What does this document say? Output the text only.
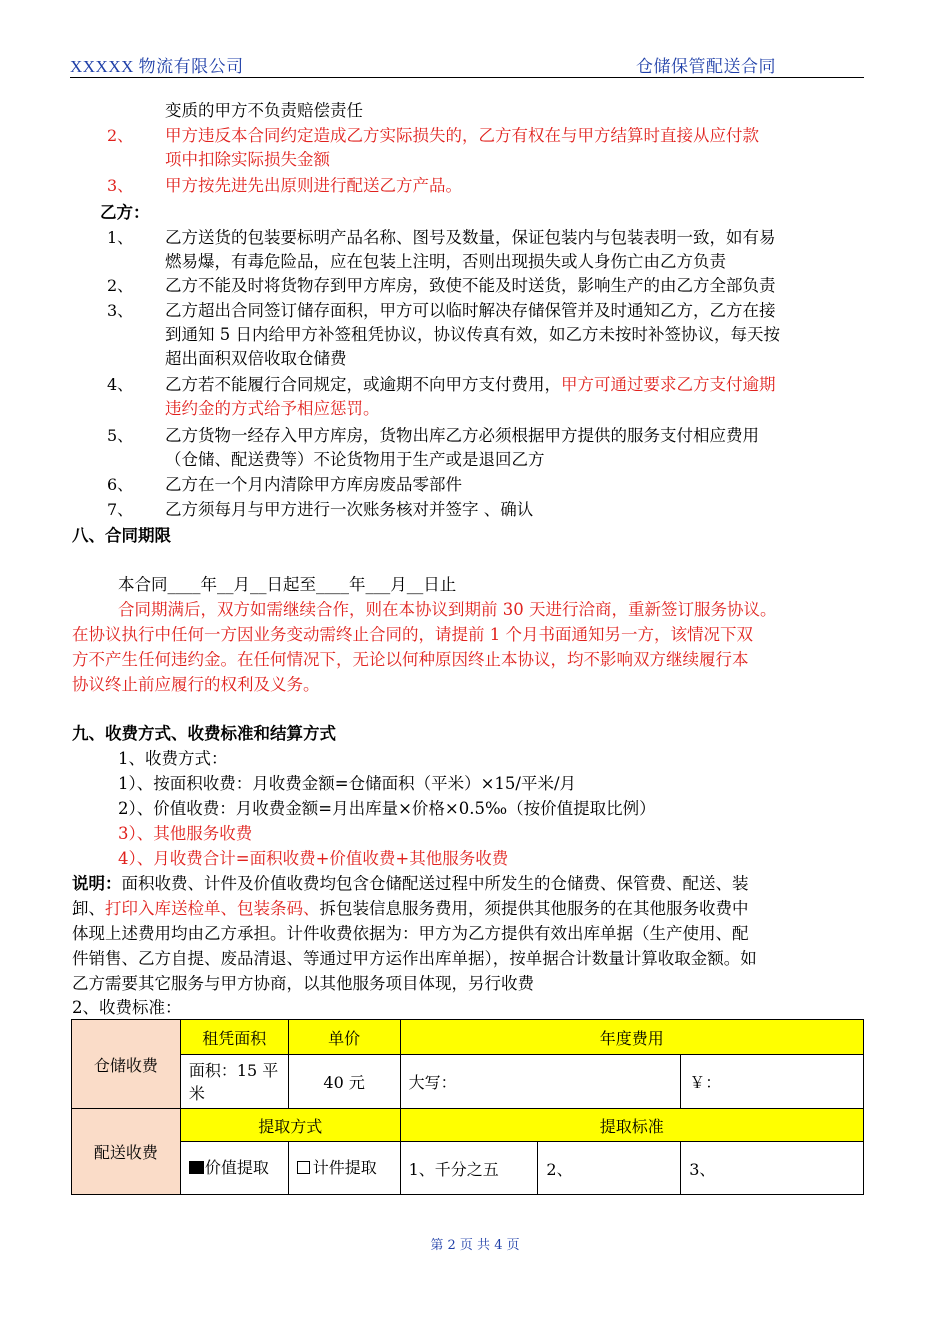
XXXXX 物流有限公司	仓储保管配送合同
变质的甲方不负责赔偿责任
2、 甲方违反本合同约定造成乙方实际损失的，乙方有权在与甲方结算时直接从应付款
项中扣除实际损失金额
3、 甲方按先进先出原则进行配送乙方产品。
乙方：
1、 乙方送货的包装要标明产品名称、图号及数量，保证包装内与包装表明一致，如有易
燃易爆，有毒危险品，应在包装上注明，否则出现损失或人身伤亡由乙方负责
2、 乙方不能及时将货物存到甲方库房，致使不能及时送货，影响生产的由乙方全部负责
3、 乙方超出合同签订储存面积，甲方可以临时解决存储保管并及时通知乙方，乙方在接
到通知 5 日内给甲方补签租凭协议，协议传真有效，如乙方未按时补签协议，每天按
超出面积双倍收取仓储费
4、 乙方若不能履行合同规定，或逾期不向甲方支付费用，甲方可通过要求乙方支付逾期
违约金的方式给予相应惩罚。
5、 乙方货物一经存入甲方库房，货物出库乙方必须根据甲方提供的服务支付相应费用
（仓储、配送费等）不论货物用于生产或是退回乙方
6、 乙方在一个月内清除甲方库房废品零部件
7、 乙方须每月与甲方进行一次账务核对并签字 、确认
八、合同期限
本合同____年__月__日起至____年___月__日止
合同期满后，双方如需继续合作，则在本协议到期前 30 天进行洽商，重新签订服务协议。
在协议执行中任何一方因业务变动需终止合同的，请提前 1 个月书面通知另一方，该情况下双
方不产生任何违约金。在任何情况下，无论以何种原因终止本协议，均不影响双方继续履行本
协议终止前应履行的权利及义务。
九、收费方式、收费标准和结算方式
1、收费方式：
1）、按面积收费：月收费金额=仓储面积（平米）×15/平米/月
2）、价值收费：月收费金额=月出库量×价格×0.5‰（按价值提取比例）
3）、其他服务收费
4）、月收费合计=面积收费+价值收费+其他服务收费
说明：面积收费、计件及价值收费均包含仓储配送过程中所发生的仓储费、保管费、配送、装
卸、打印入库送检单、包装条码、拆包装信息服务费用，须提供其他服务的在其他服务收费中
体现上述费用均由乙方承担。计件收费依据为：甲方为乙方提供有效出库单据（生产使用、配
件销售、乙方自提、废品清退、等通过甲方运作出库单据），按单据合计数量计算收取金额。如
乙方需要其它服务与甲方协商，以其他服务项目体现，另行收费
2、收费标准：
仓储收费	租凭面积	单价	年度费用		
	面积：15 平米	40 元	大写：		￥：
配送收费	提取方式		提取标准		
	价值提取	计件提取	1、千分之五	2、	3、
第 2 页 共 4 页
